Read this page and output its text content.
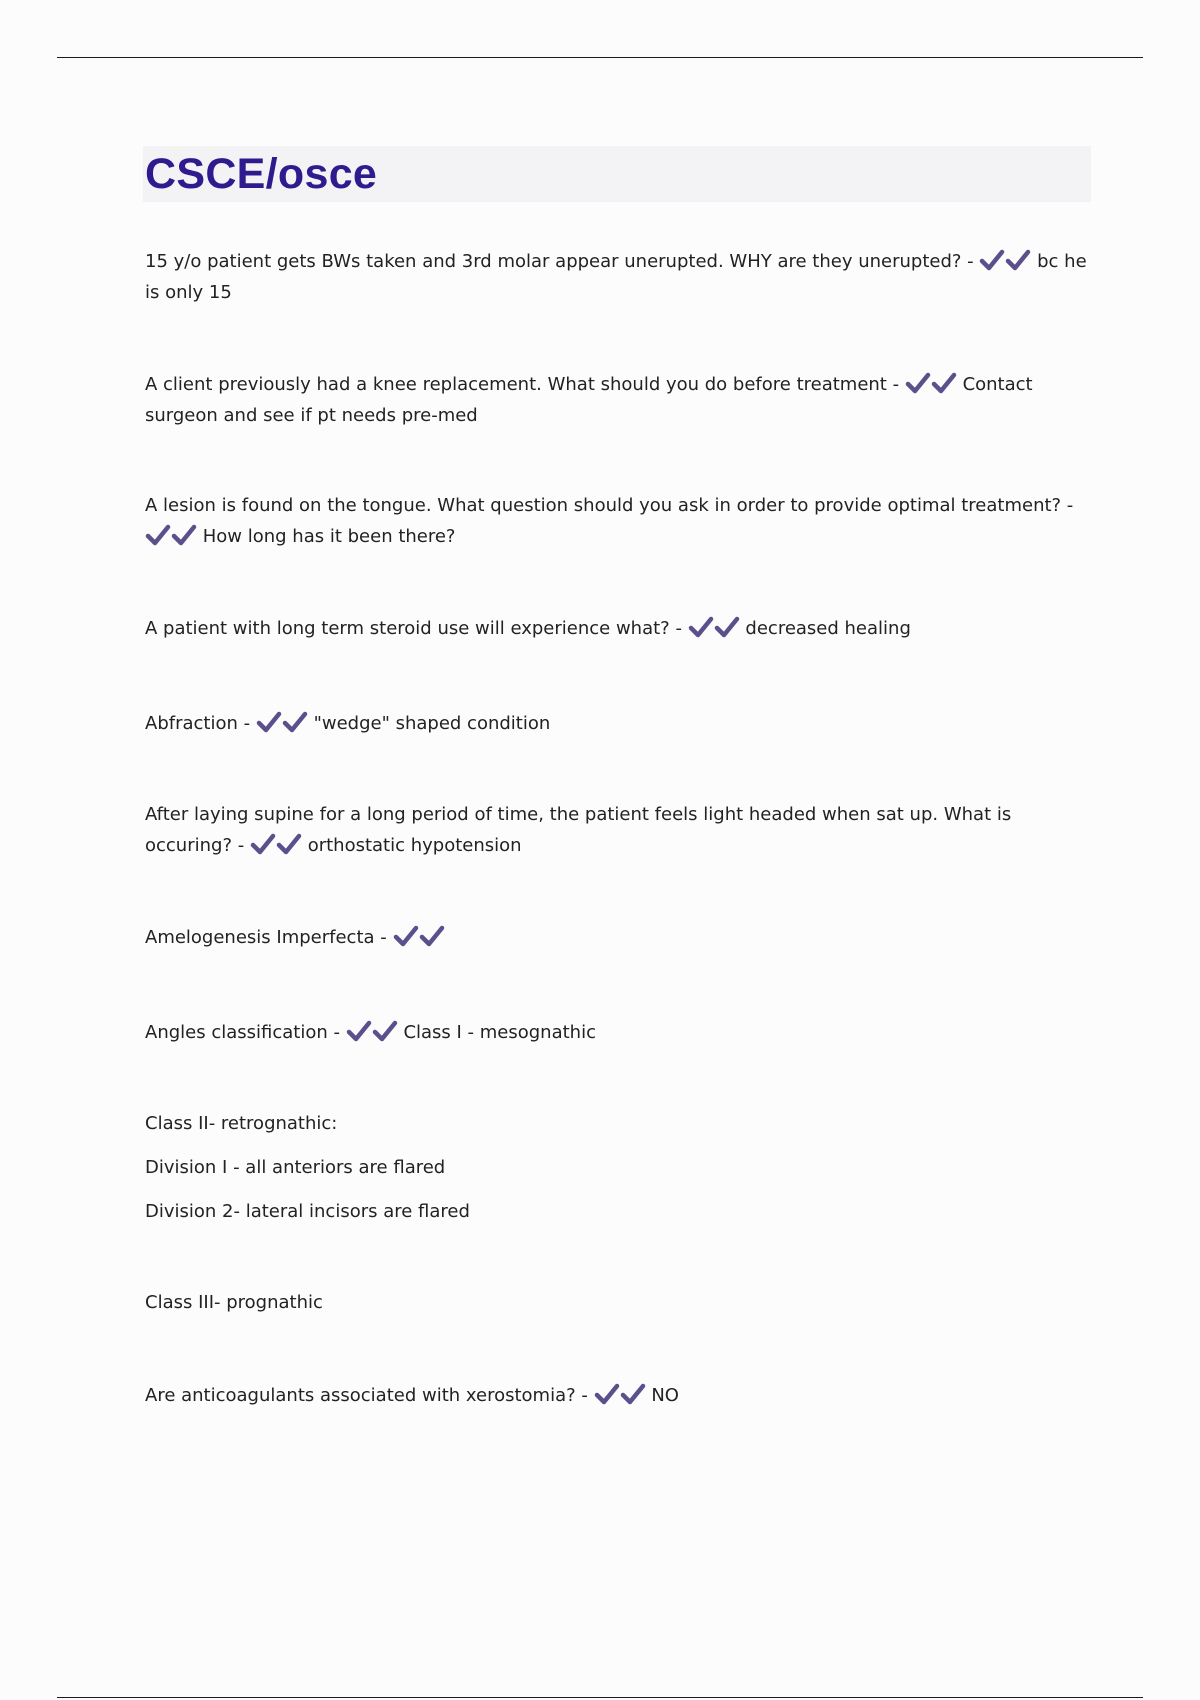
CSCE/osce

15 y/o patient gets BWs taken and 3rd molar appear unerupted. WHY are they unerupted? -	bc he is only 15

A client previously had a knee replacement. What should you do before treatment -	Contact surgeon and see if pt needs pre-med

A lesion is found on the tongue. What question should you ask in order to provide optimal treatment? -
How long has it been there?

A patient with long term steroid use will experience what? -	decreased healing

Abfraction -	"wedge" shaped condition

After laying supine for a long period of time, the patient feels light headed when sat up. What is occuring? -	orthostatic hypotension

Amelogenesis Imperfecta -

Angles classification -	Class I - mesognathic

Class II- retrognathic:

Division I - all anteriors are flared

Division 2- lateral incisors are flared

Class III- prognathic

Are anticoagulants associated with xerostomia? -	NO
